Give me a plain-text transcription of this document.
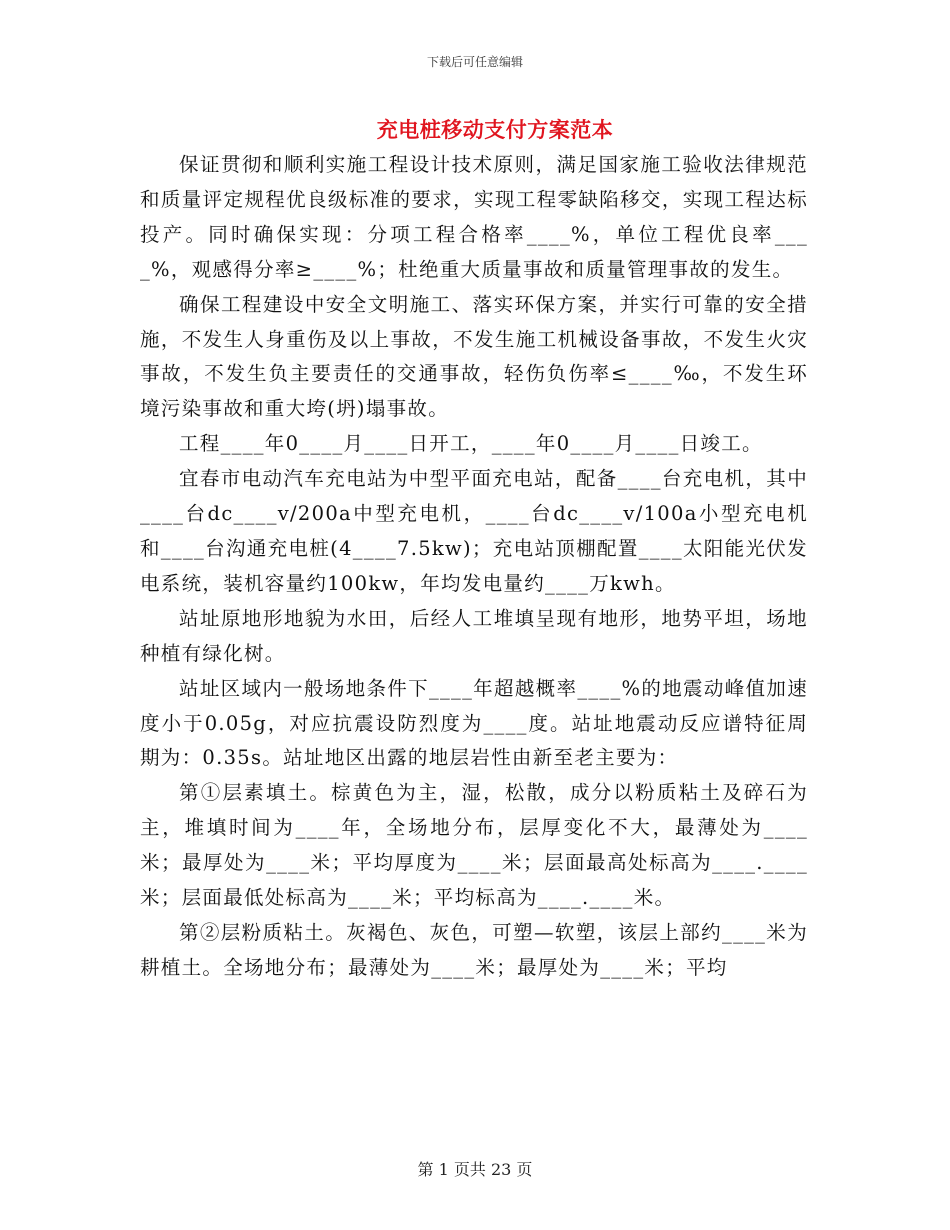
下载后可任意编辑
充电桩移动支付方案范本

保证贯彻和顺利实施工程设计技术原则，满足国家施工验收法律规范和质量评定规程优良级标准的要求，实现工程零缺陷移交，实现工程达标投产。同时确保实现：分项工程合格率____%，单位工程优良率____%，观感得分率≥____%；杜绝重大质量事故和质量管理事故的发生。

确保工程建设中安全文明施工、落实环保方案，并实行可靠的安全措施，不发生人身重伤及以上事故，不发生施工机械设备事故，不发生火灾事故，不发生负主要责任的交通事故，轻伤负伤率≤____‰，不发生环境污染事故和重大垮(坍)塌事故。

工程____年0____月____日开工，____年0____月____日竣工。

宜春市电动汽车充电站为中型平面充电站，配备____台充电机，其中____台dc____v/200a中型充电机，____台dc____v/100a小型充电机和____台沟通充电桩(4____7.5kw)；充电站顶棚配置____太阳能光伏发电系统，装机容量约100kw，年均发电量约____万kwh。

站址原地形地貌为水田，后经人工堆填呈现有地形，地势平坦，场地种植有绿化树。

站址区域内一般场地条件下____年超越概率____%的地震动峰值加速度小于0.05g，对应抗震设防烈度为____度。站址地震动反应谱特征周期为：0.35s。站址地区出露的地层岩性由新至老主要为：

第①层素填土。棕黄色为主，湿，松散，成分以粉质粘土及碎石为主，堆填时间为____年，全场地分布，层厚变化不大，最薄处为____米；最厚处为____米；平均厚度为____米；层面最高处标高为____.____米；层面最低处标高为____米；平均标高为____.____米。

第②层粉质粘土。灰褐色、灰色，可塑—软塑，该层上部约____米为耕植土。全场地分布；最薄处为____米；最厚处为____米；平均

第 1 页共 23 页
